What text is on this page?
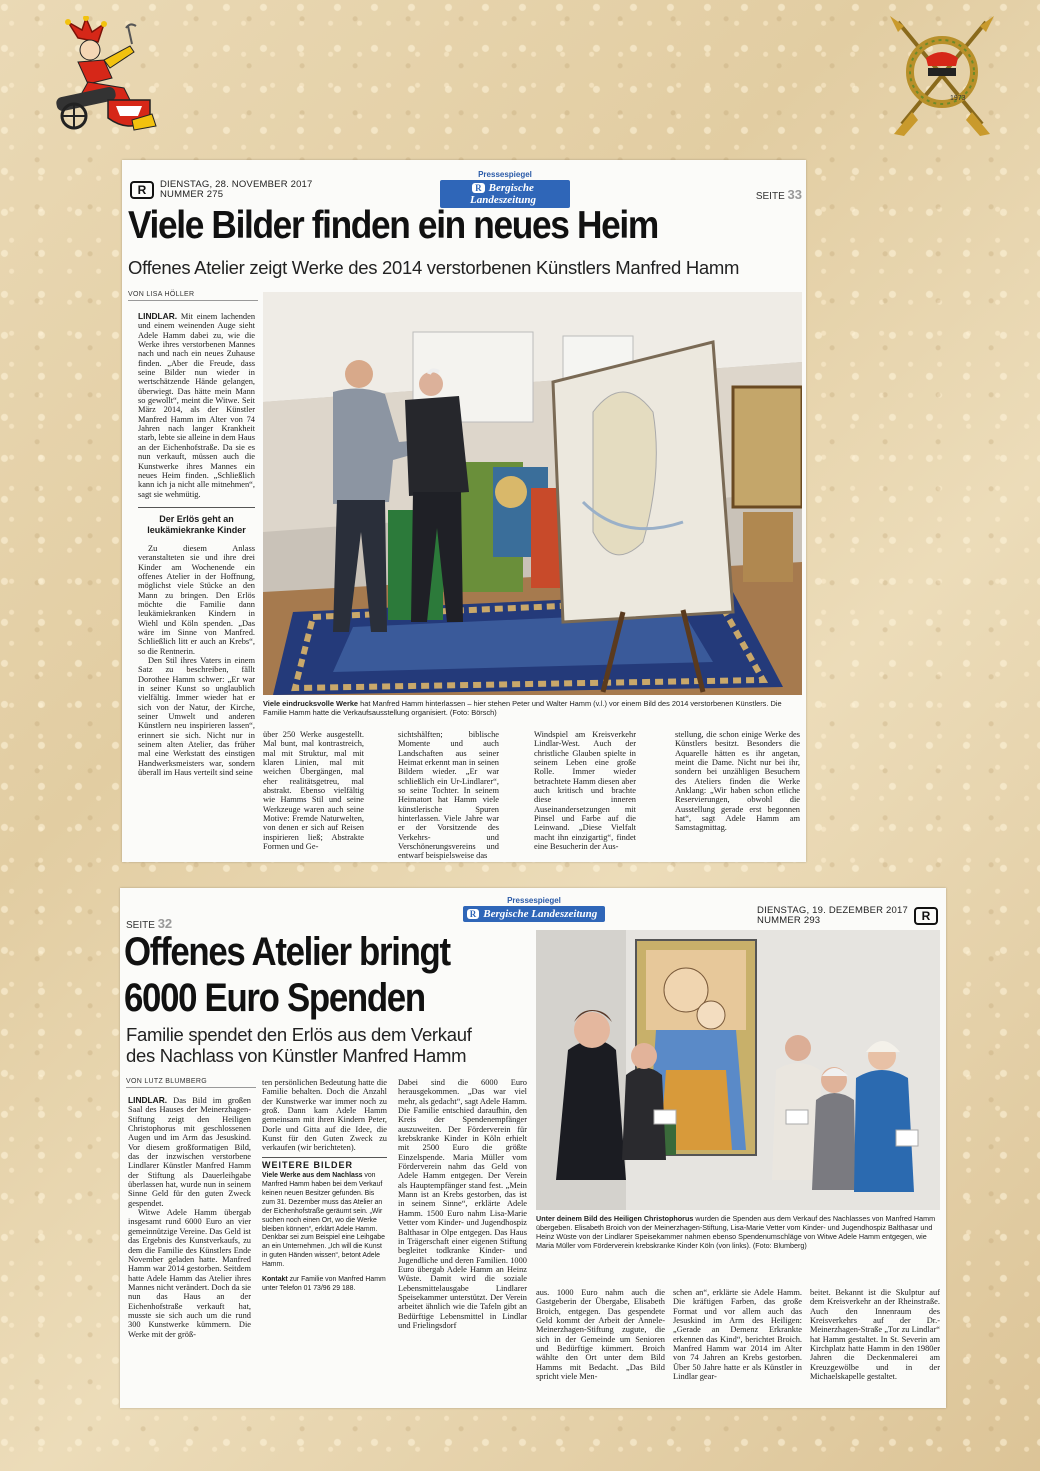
1973
Pressespiegel
R Bergische Landeszeitung
R	DIENSTAG, 28. NOVEMBER 2017
NUMMER 275	SEITE 33
Viele Bilder finden ein neues Heim
Offenes Atelier zeigt Werke des 2014 verstorbenen Künstlers Manfred Hamm
VON LISA HÖLLER
LINDLAR. Mit einem lachenden und einem weinenden Auge sieht Adele Hamm dabei zu, wie die Werke ihres verstorbenen Mannes nach und nach ein neues Zuhause finden. „Aber die Freude, dass seine Bilder nun wieder in wertschätzende Hände gelangen, überwiegt. Das hätte mein Mann so gewollt“, meint die Witwe. Seit März 2014, als der Künstler Manfred Hamm im Alter von 74 Jahren nach langer Krankheit starb, lebte sie alleine in dem Haus an der Eichenhofstraße. Da sie es nun verkauft, müssen auch die Kunstwerke ihres Mannes ein neues Heim finden. „Schließlich kann ich ja nicht alle mitnehmen“, sagt sie wehmütig.
Der Erlös geht an leukämiekranke Kinder
Zu diesem Anlass veranstalteten sie und ihre drei Kinder am Wochenende ein offenes Atelier in der Hoffnung, möglichst viele Stücke an den Mann zu bringen. Den Erlös möchte die Familie dann leukämiekranken Kindern in Wiehl und Köln spenden. „Das wäre im Sinne von Manfred. Schließlich litt er auch an Krebs“, so die Rentnerin.
Den Stil ihres Vaters in einem Satz zu beschreiben, fällt Dorothee Hamm schwer: „Er war in seiner Kunst so unglaublich vielfältig. Immer wieder hat er sich von der Natur, der Kirche, seiner Umwelt und anderen Künstlern neu inspirieren lassen“, erinnert sie sich. Nicht nur in seinem alten Atelier, das früher mal eine Werkstatt des einstigen Handwerksmeisters war, sondern überall im Haus verteilt sind seine
Viele eindrucksvolle Werke hat Manfred Hamm hinterlassen – hier stehen Peter und Walter Hamm (v.l.) vor einem Bild des 2014 verstorbenen Künstlers. Die Familie Hamm hatte die Verkaufsausstellung organisiert. (Foto: Börsch)
über 250 Werke ausgestellt. Mal bunt, mal kontrastreich, mal mit Struktur, mal mit klaren Linien, mal mit weichen Übergängen, mal eher realitätsgetreu, mal abstrakt. Ebenso vielfältig wie Hamms Stil und seine Werkzeuge waren auch seine Motive: Fremde Naturwelten, von denen er sich auf Reisen inspirieren ließ; Abstrakte Formen und Ge-
sichtshälften; biblische Momente und auch Landschaften aus seiner Heimat erkennt man in seinen Bildern wieder. „Er war schließlich ein Ur-Lindlarer“, so seine Tochter. In seinem Heimatort hat Hamm viele künstlerische Spuren hinterlassen. Viele Jahre war er der Vorsitzende des Verkehrs- und Verschönerungsvereins und entwarf beispielsweise das
Windspiel am Kreisverkehr Lindlar-West. Auch der christliche Glauben spielte in seinem Leben eine große Rolle. Immer wieder betrachtete Hamm diesen aber auch kritisch und brachte diese inneren Auseinandersetzungen mit Pinsel und Farbe auf die Leinwand. „Diese Vielfalt macht ihn einzigartig“, findet eine Besucherin der Aus-
stellung, die schon einige Werke des Künstlers besitzt. Besonders die Aquarelle hätten es ihr angetan, meint die Dame. Nicht nur bei ihr, sondern bei unzähligen Besuchern des Ateliers finden die Werke Anklang: „Wir haben schon etliche Reservierungen, obwohl die Ausstellung gerade erst begonnen hat“, sagt Adele Hamm am Samstagmittag.
Pressespiegel
R Bergische Landeszeitung
SEITE 32
DIENSTAG, 19. DEZEMBER 2017
NUMMER 293	R
Offenes Atelier bringt
6000 Euro Spenden
Familie spendet den Erlös aus dem Verkauf
des Nachlass von Künstler Manfred Hamm
VON LUTZ BLUMBERG
LINDLAR. Das Bild im großen Saal des Hauses der Meinerzhagen-Stiftung zeigt den Heiligen Christophorus mit geschlossenen Augen und im Arm das Jesuskind. Vor diesem großformatigen Bild, das der inzwischen verstorbene Lindlarer Künstler Manfred Hamm der Stiftung als Dauerleihgabe überlassen hat, wurde nun in seinem Sinne Geld für den guten Zweck gespendet.
Witwe Adele Hamm übergab insgesamt rund 6000 Euro an vier gemeinnützige Vereine. Das Geld ist das Ergebnis des Kunstverkaufs, zu dem die Familie des Künstlers Ende November geladen hatte. Manfred Hamm war 2014 gestorben. Seitdem hatte Adele Hamm das Atelier ihres Mannes nicht verändert. Doch da sie nun das Haus an der Eichenhofstraße verkauft hat, musste sie sich auch um die rund 300 Kunstwerke kümmern. Die Werke mit der größ-
ten persönlichen Bedeutung hatte die Familie behalten. Doch die Anzahl der Kunstwerke war immer noch zu groß. Dann kam Adele Hamm gemeinsam mit ihren Kindern Peter, Dorle und Gitta auf die Idee, die Kunst für den Guten Zweck zu verkaufen (wir berichteten).
WEITERE BILDER
Viele Werke aus dem Nachlass von Manfred Hamm haben bei dem Verkauf keinen neuen Besitzer gefunden. Bis zum 31. Dezember muss das Atelier an der Eichenhofstraße geräumt sein. „Wir suchen noch einen Ort, wo die Werke bleiben können“, erklärt Adele Hamm. Denkbar sei zum Beispiel eine Leihgabe an ein Unternehmen. „Ich will die Kunst in guten Händen wissen“, betont Adele Hamm.
Kontakt zur Familie von Manfred Hamm unter Telefon 01 73/96 29 188.
Dabei sind die 6000 Euro herausgekommen. „Das war viel mehr, als gedacht“, sagt Adele Hamm. Die Familie entschied daraufhin, den Kreis der Spendenempfänger auszuweiten. Der Förderverein für krebskranke Kinder in Köln erhielt mit 2500 Euro die größte Einzelspende. Maria Müller vom Förderverein nahm das Geld von Adele Hamm entgegen. Der Verein als Hauptempfänger stand fest. „Mein Mann ist an Krebs gestorben, das ist in seinem Sinne“, erklärte Adele Hamm. 1500 Euro nahm Lisa-Marie Vetter vom Kinder- und Jugendhospiz Balthasar in Olpe entgegen. Das Haus in Trägerschaft einer eigenen Stiftung begleitet todkranke Kinder- und Jugendliche und deren Familien. 1000 Euro übergab Adele Hamm an Heinz Wüste. Damit wird die soziale Lebensmittelausgabe Lindlarer Speisekammer unterstützt. Der Verein arbeitet ähnlich wie die Tafeln gibt an Bedürftige Lebensmittel in Lindlar und Frielingsdorf
Unter deinem Bild des Heiligen Christophorus wurden die Spenden aus dem Verkauf des Nachlasses von Manfred Hamm übergeben. Elisabeth Broich von der Meinerzhagen-Stiftung, Lisa-Marie Vetter vom Kinder- und Jugendhospiz Balthasar und Heinz Wüste von der Lindlarer Speisekammer nahmen ebenso Spendenumschläge von Witwe Adele Hamm entgegen, wie Maria Müller vom Förderverein krebskranke Kinder Köln (von links). (Foto: Blumberg)
aus. 1000 Euro nahm auch die Gastgeberin der Übergabe, Elisabeth Broich, entgegen. Das gespendete Geld kommt der Arbeit der Annele-Meinerzhagen-Stiftung zugute, die sich in der Gemeinde um Senioren und Bedürftige kümmert. Broich wählte den Ort unter dem Bild Hamms mit Bedacht. „Das Bild spricht viele Men-
schen an“, erklärte sie Adele Hamm. Die kräftigen Farben, das große Format und vor allem auch das Jesuskind im Arm des Heiligen: „Gerade an Demenz Erkrankte erkennen das Kind“, berichtet Broich. Manfred Hamm war 2014 im Alter von 74 Jahren an Krebs gestorben. Über 50 Jahre hatte er als Künstler in Lindlar gear-
beitet. Bekannt ist die Skulptur auf dem Kreisverkehr an der Rheinstraße. Auch den Innenraum des Kreisverkehrs auf der Dr.-Meinerzhagen-Straße „Tor zu Lindlar“ hat Hamm gestaltet. In St. Severin am Kirchplatz hatte Hamm in den 1980er Jahren die Deckenmalerei am Kreuzgewölbe und in der Michaelskapelle gestaltet.
